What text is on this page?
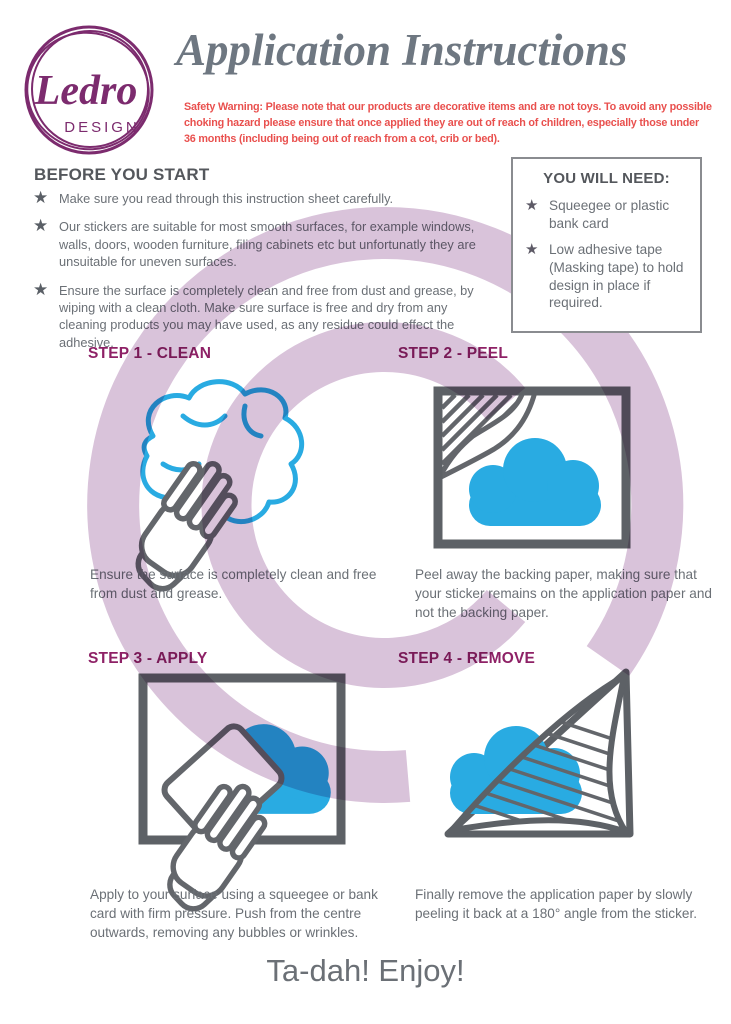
Ledro
DESIGN
Application Instructions
Safety Warning: Please note that our products are decorative items and are not toys. To avoid any possible
choking hazard please ensure that once applied they are out of reach of children, especially those under
36 months (including being out of reach from a cot, crib or bed).
BEFORE YOU START
★ Make sure you read through this instruction sheet carefully.
★ Our stickers are suitable for most smooth surfaces, for example windows, walls, doors, wooden furniture, filing cabinets etc but unfortunatly they are unsuitable for uneven surfaces.
★ Ensure the surface is completely clean and free from dust and grease, by wiping with a clean cloth. Make sure surface is free and dry from any cleaning products you may have used, as any residue could effect the adhesive.
YOU WILL NEED:
★ Squeegee or plastic bank card
★ Low adhesive tape (Masking tape) to hold design in place if required.
STEP 1 - CLEAN	STEP 2 - PEEL
STEP 3 - APPLY	STEP 4 - REMOVE
Ensure the surface is completely clean and free from dust and grease.
Peel away the backing paper, making sure that your sticker remains on the application paper and not the backing paper.
Apply to your surface using a squeegee or bank card with firm pressure. Push from the centre outwards, removing any bubbles or wrinkles.
Finally remove the application paper by slowly peeling it back at a 180° angle from the sticker.
Ta-dah! Enjoy!
